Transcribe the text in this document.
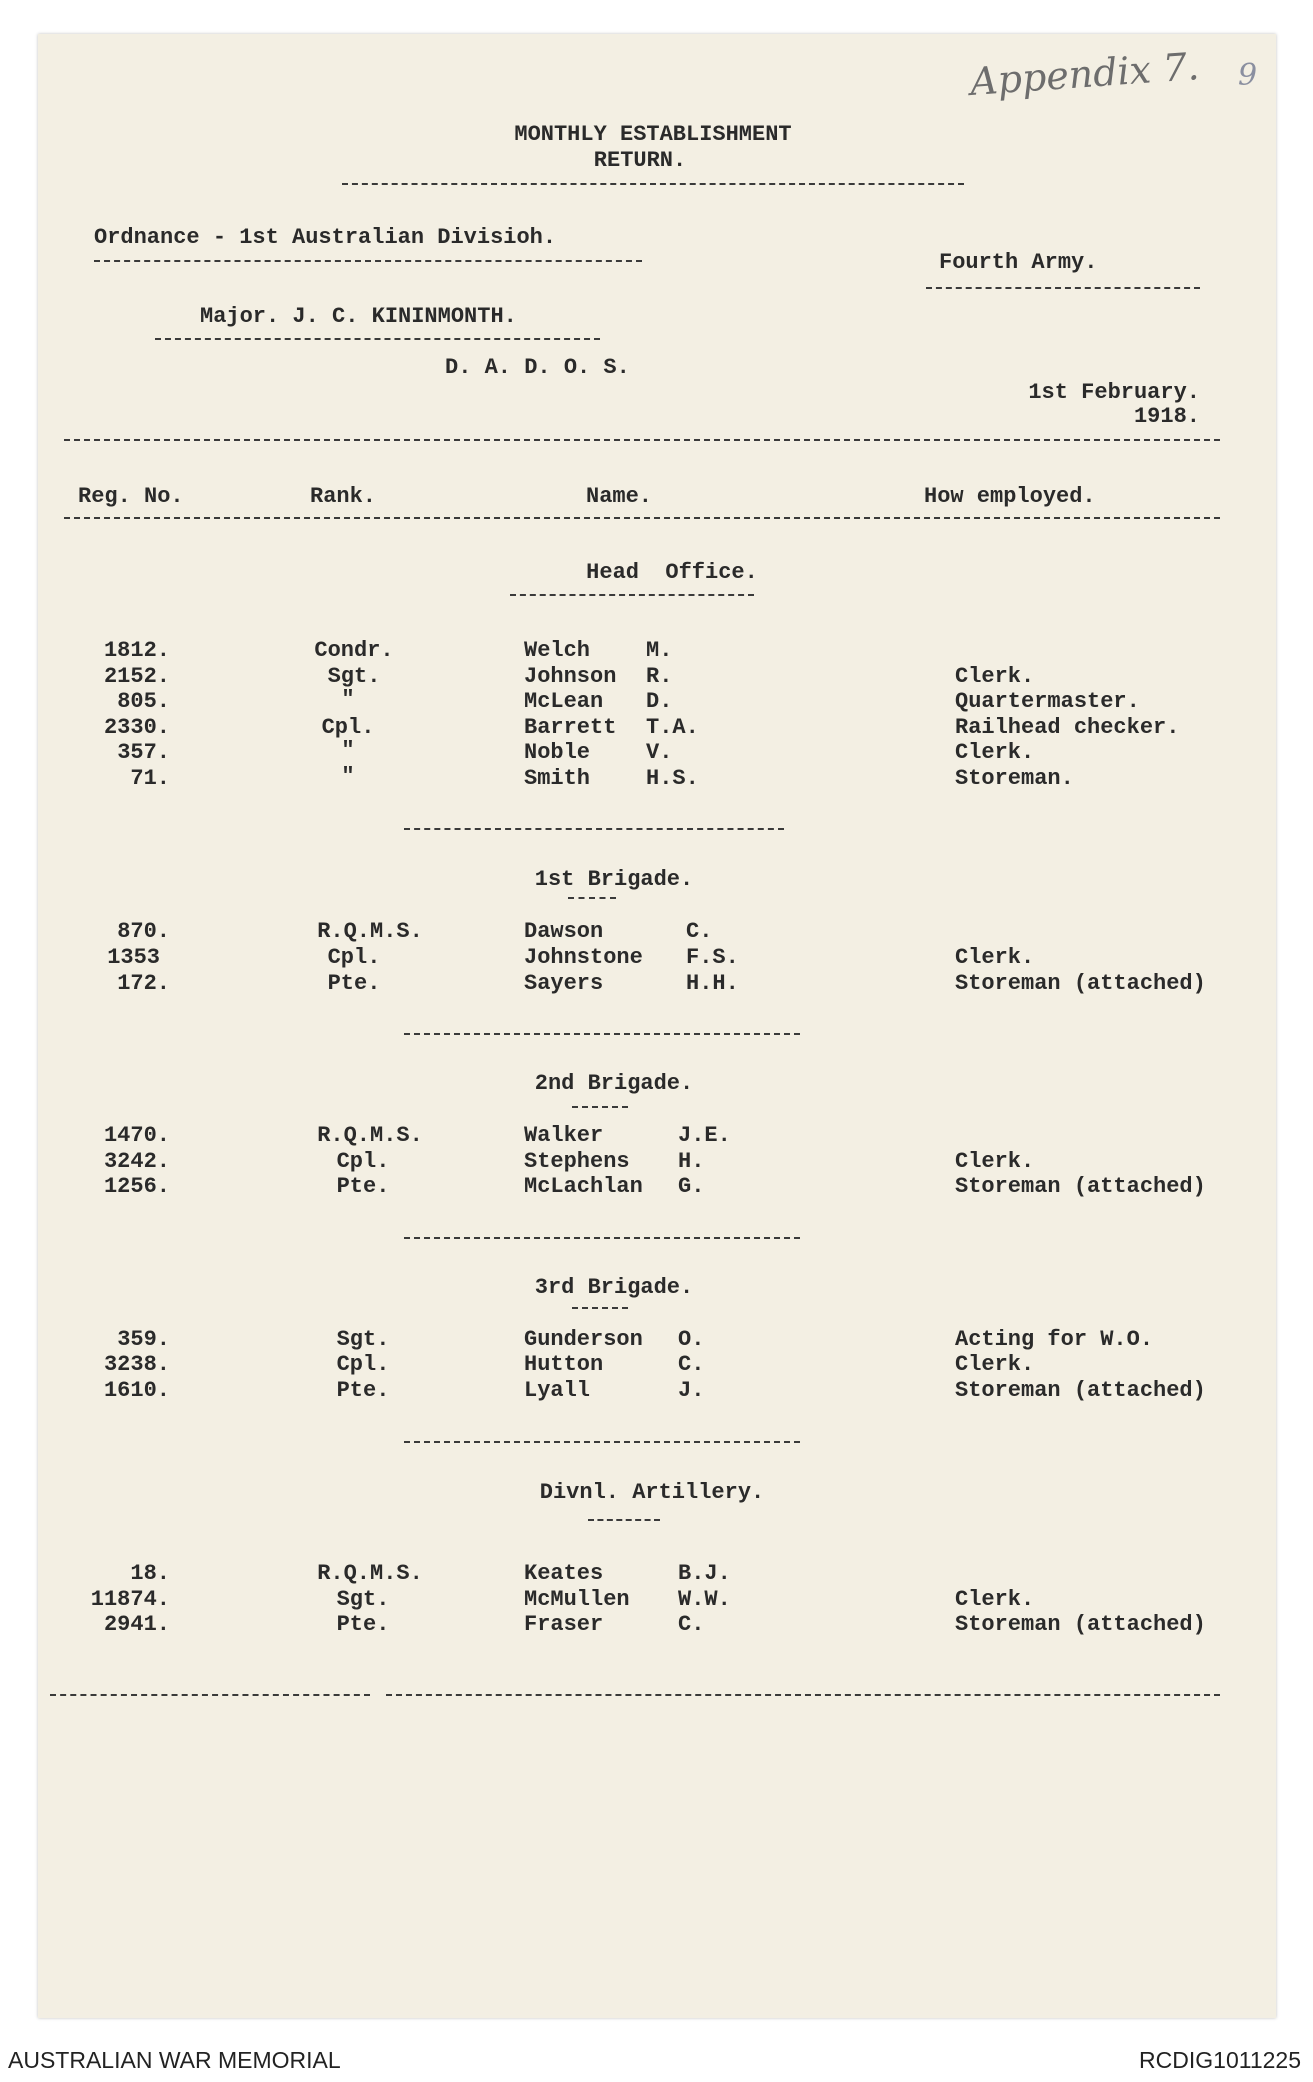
Appendix 7. 9
MONTHLY ESTABLISHMENT
RETURN.
Ordnance - 1st Australian Divisioh.
Fourth Army.
Major. J. C. KININMONTH.
D. A. D. O. S.
1st February.
1918.
Reg. No.	Rank.	Name.	How employed.
Head  Office.
1812.	Condr.	Welch	M.
2152.	Sgt.	Johnson R.	Clerk.
805.	"	McLean D.	Quartermaster.
2330.	Cpl.	Barrett T.A.	Railhead checker.
357.	"	Noble	V.	Clerk.
71.	"	Smith	H.S.	Storeman.
1st Brigade.
870.	R.Q.M.S.	Dawson	C.
1353	Cpl.	Johnstone F.S.	Clerk.
172.	Pte.	Sayers	H.H.	Storeman (attached)
2nd Brigade.
1470.	R.Q.M.S.	Walker	J.E.
3242.	Cpl.	Stephens H.	Clerk.
1256.	Pte.	McLachlan G.	Storeman (attached)
3rd Brigade.
359.	Sgt.	Gunderson O.	Acting for W.O.
3238.	Cpl.	Hutton	C.	Clerk.
1610.	Pte.	Lyall	J.	Storeman (attached)
Divnl. Artillery.
18.	R.Q.M.S.	Keates	B.J.
11874.	Sgt.	McMullen W.W.	Clerk.
2941.	Pte.	Fraser	C.	Storeman (attached)
AUSTRALIAN WAR MEMORIAL	RCDIG1011225
